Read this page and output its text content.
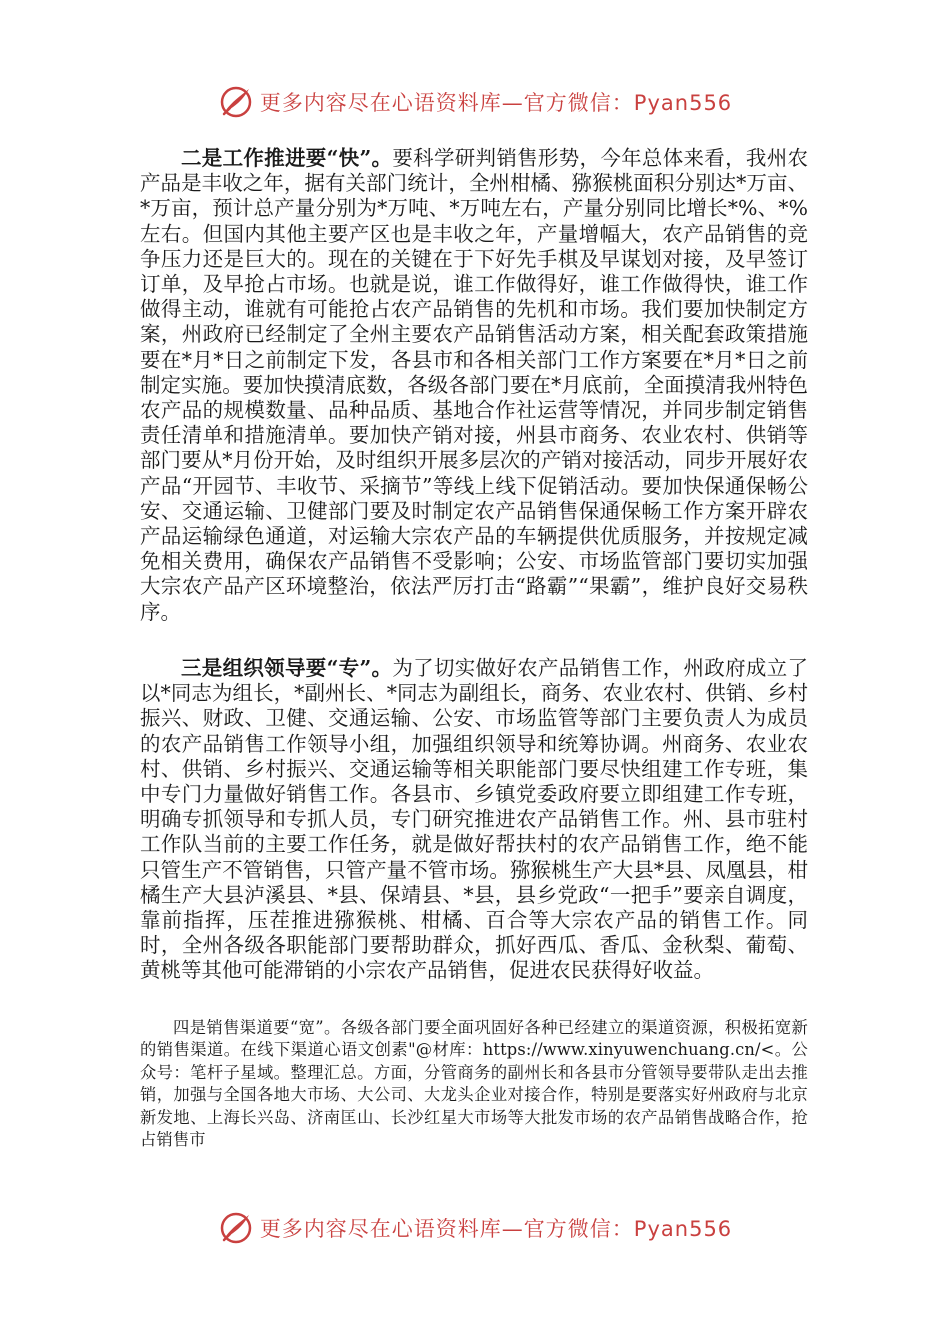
更多内容尽在心语资料库—官方微信：Pyan556

二是工作推进要“快”。要科学研判销售形势，今年总体来看，我州农产品是丰收之年，据有关部门统计，全州柑橘、猕猴桃面积分别达*万亩、*万亩，预计总产量分别为*万吨、*万吨左右，产量分别同比增长*%、*%左右。但国内其他主要产区也是丰收之年，产量增幅大，农产品销售的竞争压力还是巨大的。现在的关键在于下好先手棋及早谋划对接，及早签订订单，及早抢占市场。也就是说，谁工作做得好，谁工作做得快，谁工作做得主动，谁就有可能抢占农产品销售的先机和市场。我们要加快制定方案，州政府已经制定了全州主要农产品销售活动方案，相关配套政策措施要在*月*日之前制定下发，各县市和各相关部门工作方案要在*月*日之前制定实施。要加快摸清底数，各级各部门要在*月底前，全面摸清我州特色农产品的规模数量、品种品质、基地合作社运营等情况，并同步制定销售责任清单和措施清单。要加快产销对接，州县市商务、农业农村、供销等部门要从*月份开始，及时组织开展多层次的产销对接活动，同步开展好农产品“开园节、丰收节、采摘节”等线上线下促销活动。要加快保通保畅公安、交通运输、卫健部门要及时制定农产品销售保通保畅工作方案开辟农产品运输绿色通道，对运输大宗农产品的车辆提供优质服务，并按规定减免相关费用，确保农产品销售不受影响；公安、市场监管部门要切实加强大宗农产品产区环境整治，依法严厉打击“路霸”“果霸”，维护良好交易秩序。

三是组织领导要“专”。为了切实做好农产品销售工作，州政府成立了以*同志为组长，*副州长、*同志为副组长，商务、农业农村、供销、乡村振兴、财政、卫健、交通运输、公安、市场监管等部门主要负责人为成员的农产品销售工作领导小组，加强组织领导和统筹协调。州商务、农业农村、供销、乡村振兴、交通运输等相关职能部门要尽快组建工作专班，集中专门力量做好销售工作。各县市、乡镇党委政府要立即组建工作专班，明确专抓领导和专抓人员，专门研究推进农产品销售工作。州、县市驻村工作队当前的主要工作任务，就是做好帮扶村的农产品销售工作，绝不能只管生产不管销售，只管产量不管市场。猕猴桃生产大县*县、凤凰县，柑橘生产大县泸溪县、*县、保靖县、*县，县乡党政“一把手”要亲自调度，靠前指挥，压茬推进猕猴桃、柑橘、百合等大宗农产品的销售工作。同时，全州各级各职能部门要帮助群众，抓好西瓜、香瓜、金秋梨、葡萄、黄桃等其他可能滞销的小宗农产品销售，促进农民获得好收益。

四是销售渠道要“宽”。各级各部门要全面巩固好各种已经建立的渠道资源，积极拓宽新的销售渠道。在线下渠道心语文创素"@材库：https://www.xinyuwenchuang.cn/<。公众号：笔杆子星域。整理汇总。方面，分管商务的副州长和各县市分管领导要带队走出去推销，加强与全国各地大市场、大公司、大龙头企业对接合作，特别是要落实好州政府与北京新发地、上海长兴岛、济南匡山、长沙红星大市场等大批发市场的农产品销售战略合作，抢占销售市

更多内容尽在心语资料库—官方微信：Pyan556
